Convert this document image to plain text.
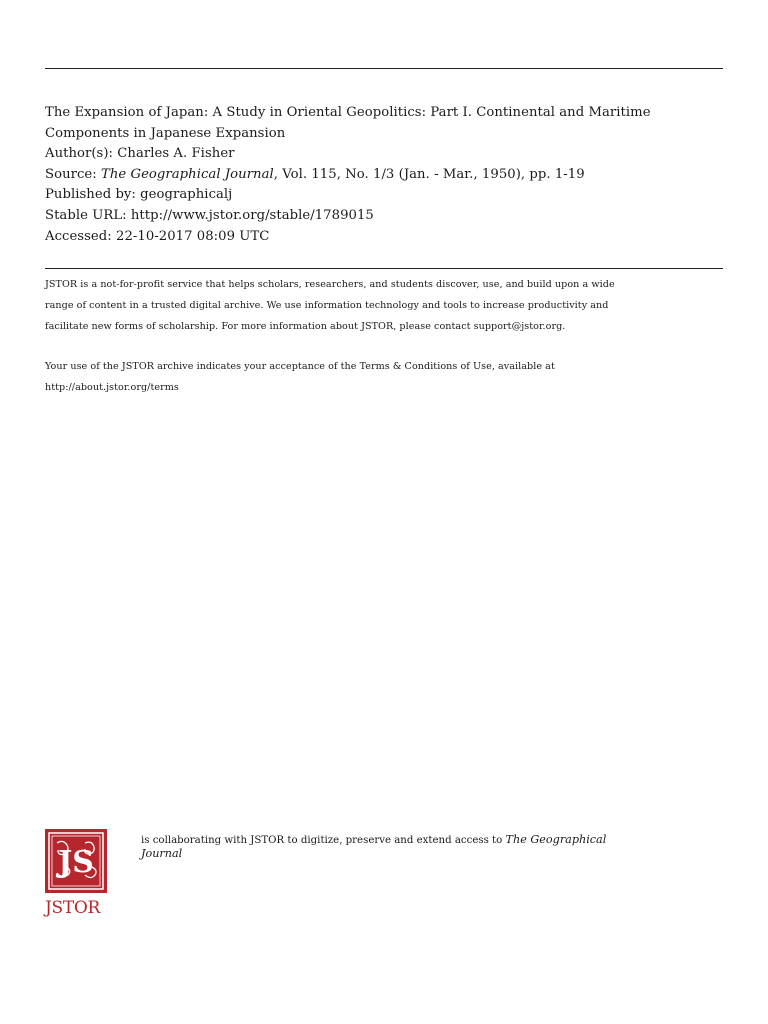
The Expansion of Japan: A Study in Oriental Geopolitics: Part I. Continental and Maritime
Components in Japanese Expansion
Author(s): Charles A. Fisher
Source: The Geographical Journal, Vol. 115, No. 1/3 (Jan. - Mar., 1950), pp. 1-19
Published by: geographicalj
Stable URL: http://www.jstor.org/stable/1789015
Accessed: 22-10-2017 08:09 UTC
JSTOR is a not-for-profit service that helps scholars, researchers, and students discover, use, and build upon a wide
range of content in a trusted digital archive. We use information technology and tools to increase productivity and
facilitate new forms of scholarship. For more information about JSTOR, please contact support@jstor.org.
Your use of the JSTOR archive indicates your acceptance of the Terms & Conditions of Use, available at
http://about.jstor.org/terms
JS
JSTOR
is collaborating with JSTOR to digitize, preserve and extend access to The Geographical
Journal
